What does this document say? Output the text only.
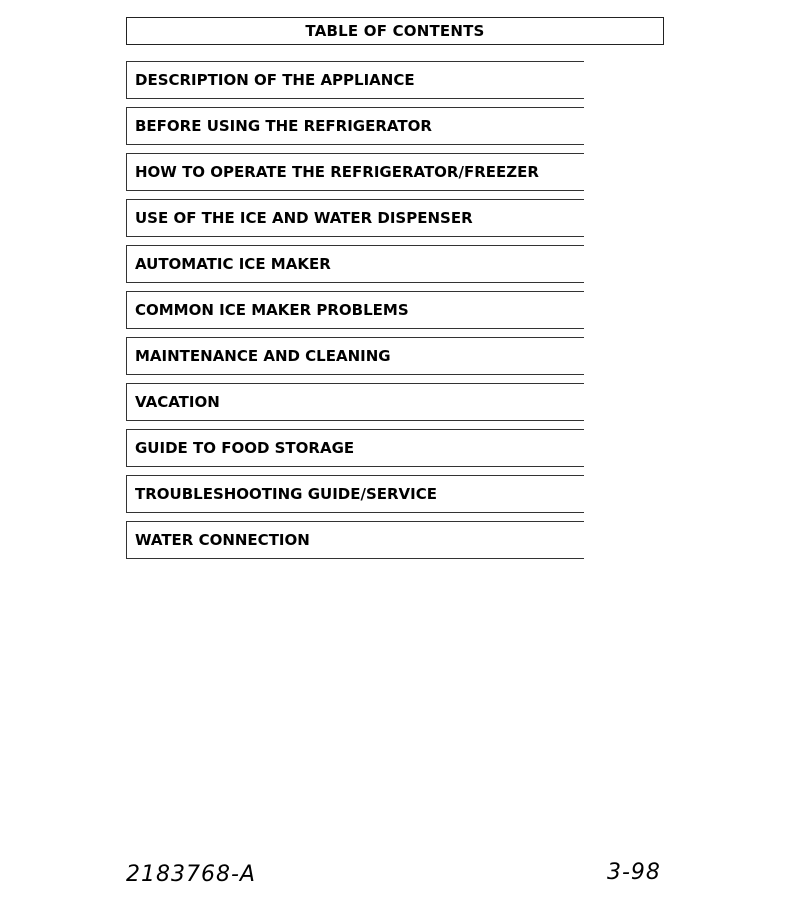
TABLE OF CONTENTS
DESCRIPTION OF THE APPLIANCE
BEFORE USING THE REFRIGERATOR
HOW TO OPERATE THE REFRIGERATOR/FREEZER
USE OF THE ICE AND WATER DISPENSER
AUTOMATIC ICE MAKER
COMMON ICE MAKER PROBLEMS
MAINTENANCE AND CLEANING
VACATION
GUIDE TO FOOD STORAGE
TROUBLESHOOTING GUIDE/SERVICE
WATER CONNECTION
2183768-A	3-98
